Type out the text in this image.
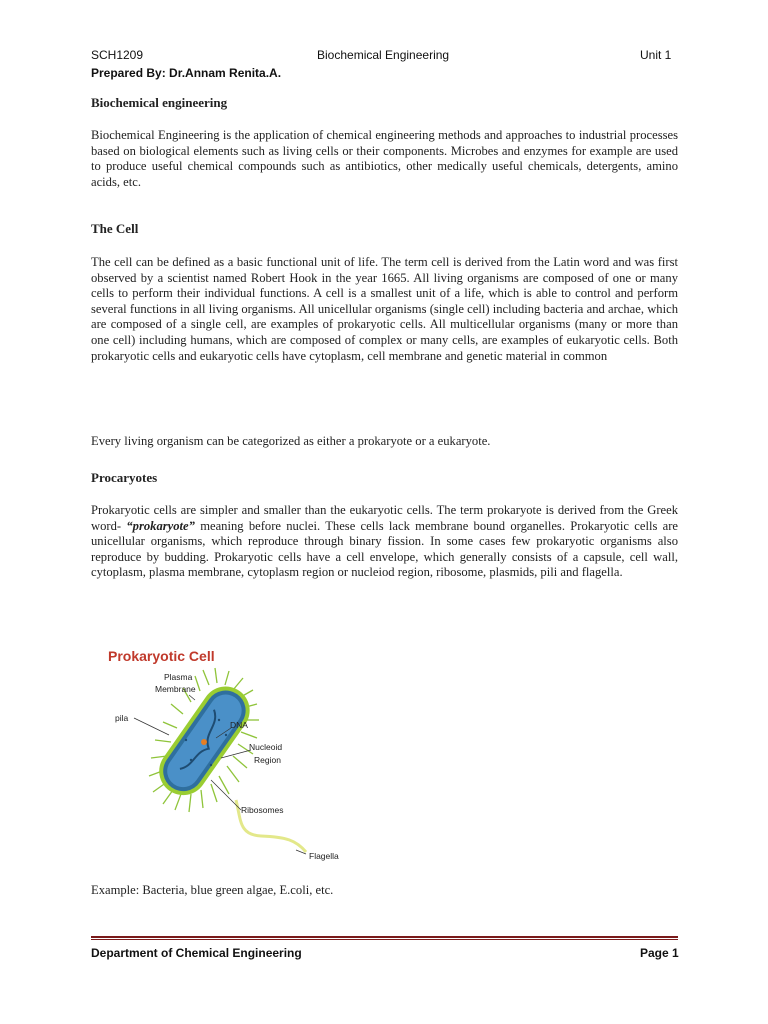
SCH1209	Biochemical Engineering	Unit 1
Prepared By: Dr.Annam Renita.A.
Biochemical engineering

Biochemical Engineering is the application of chemical engineering methods and approaches to industrial processes based on biological elements such as living cells or their components. Microbes and enzymes for example are used to produce useful chemical compounds such as antibiotics, other medically useful chemicals, detergents, amino acids, etc.

The Cell

The cell can be defined as a basic functional unit of life. The term cell is derived from the Latin word and was first observed by a scientist named Robert Hook in the year 1665. All living organisms are composed of one or many cells to perform their individual functions. A cell is a smallest unit of a life, which is able to control and perform several functions in all living organisms. All unicellular organisms (single cell) including bacteria and archae, which are composed of a single cell, are examples of prokaryotic cells. All multicellular organisms (many or more than one cell) including humans, which are composed of complex or many cells, are examples of eukaryotic cells. Both prokaryotic cells and eukaryotic cells have cytoplasm, cell membrane and genetic material in common

Every living organism can be categorized as either a prokaryote or a eukaryote.

Procaryotes

Prokaryotic cells are simpler and smaller than the eukaryotic cells. The term prokaryote is derived from the Greek word- “prokaryote” meaning before nuclei. These cells lack membrane bound organelles. Prokaryotic cells are unicellular organisms, which reproduce through binary fission. In some cases few prokaryotic organisms also reproduce by budding. Prokaryotic cells have a cell envelope, which generally consists of a capsule, cell wall, cytoplasm, plasma membrane, cytoplasm region or nucleiod region, ribosome, plasmids, pili and flagella.

Prokaryotic Cell
Plasma
Membrane
pila
DNA
Nucleoid
Region
Ribosomes
Flagella

Example: Bacteria, blue green algae, E.coli, etc.

Department of Chemical Engineering	Page 1
